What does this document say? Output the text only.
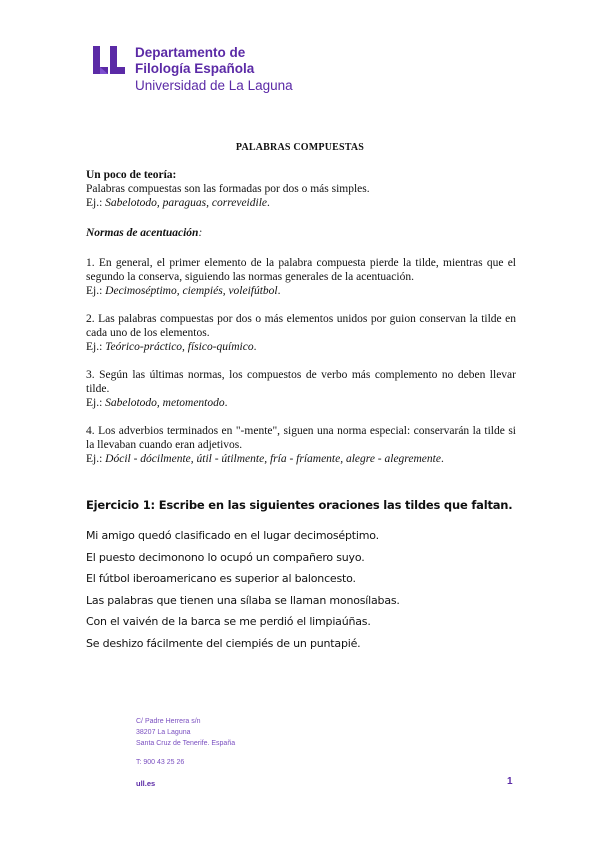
Departamento de
Filología Española
Universidad de La Laguna
PALABRAS COMPUESTAS

Un poco de teoría:

Palabras compuestas son las formadas por dos o más simples.

Ej.: Sabelotodo, paraguas, correveidile.

Normas de acentuación:

1. En general, el primer elemento de la palabra compuesta pierde la tilde, mientras que el segundo la conserva, siguiendo las normas generales de la acentuación.

Ej.: Decimoséptimo, ciempiés, voleifútbol.

2. Las palabras compuestas por dos o más elementos unidos por guion conservan la tilde en cada uno de los elementos.

Ej.: Teórico-práctico, físico-químico.

3. Según las últimas normas, los compuestos de verbo más complemento no deben llevar tilde.

Ej.: Sabelotodo, metomentodo.

4. Los adverbios terminados en "-mente", siguen una norma especial: conservarán la tilde si la llevaban cuando eran adjetivos.

Ej.: Dócil - dócilmente, útil - útilmente, fría - fríamente, alegre - alegremente.

Ejercicio 1: Escribe en las siguientes oraciones las tildes que faltan.

Mi amigo quedó clasificado en el lugar decimoséptimo.

El puesto decimonono lo ocupó un compañero suyo.

El fútbol iberoamericano es superior al baloncesto.

Las palabras que tienen una sílaba se llaman monosílabas.

Con el vaivén de la barca se me perdió el limpiaúñas.

Se deshizo fácilmente del ciempiés de un puntapié.

C/ Padre Herrera s/n
38207 La Laguna
Santa Cruz de Tenerife. España
T: 900 43 25 26
ull.es	1
